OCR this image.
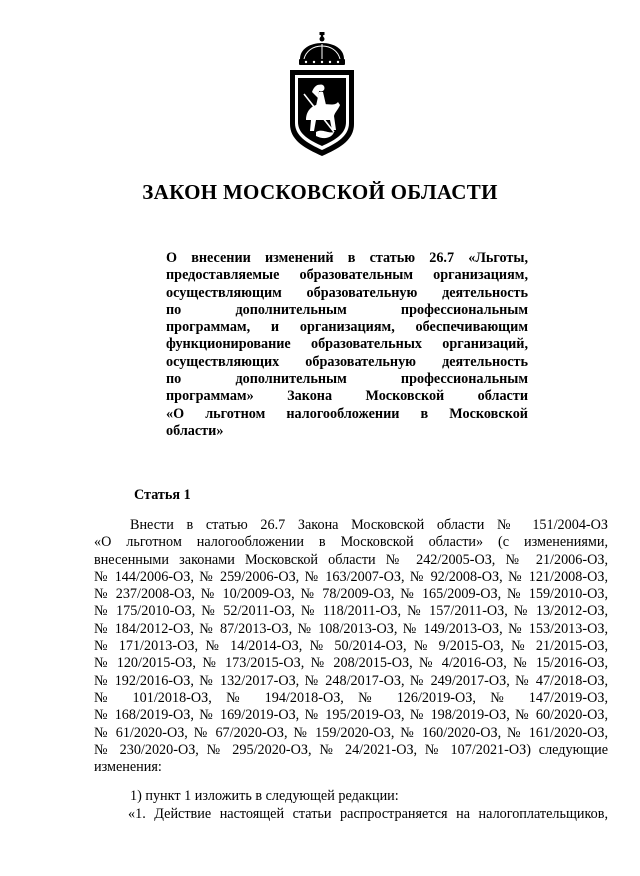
ЗАКОН МОСКОВСКОЙ ОБЛАСТИ
О внесении изменений в статью 26.7 «Льготы,
предоставляемые образовательным организациям,
осуществляющим образовательную деятельность
по дополнительным профессиональным
программам, и организациям, обеспечивающим
функционирование образовательных организаций,
осуществляющих образовательную деятельность
по дополнительным профессиональным
программам» Закона Московской области
«О льготном налогообложении в Московской
области»
Статья 1
Внести в статью 26.7 Закона Московской области № 151/2004-ОЗ
«О льготном налогообложении в Московской области» (с изменениями,
внесенными законами Московской области № 242/2005-ОЗ, № 21/2006-ОЗ,
№ 144/2006-ОЗ, № 259/2006-ОЗ, № 163/2007-ОЗ, № 92/2008-ОЗ, № 121/2008-ОЗ,
№ 237/2008-ОЗ, № 10/2009-ОЗ, № 78/2009-ОЗ, № 165/2009-ОЗ, № 159/2010-ОЗ,
№ 175/2010-ОЗ, № 52/2011-ОЗ, № 118/2011-ОЗ, № 157/2011-ОЗ, № 13/2012-ОЗ,
№ 184/2012-ОЗ, № 87/2013-ОЗ, № 108/2013-ОЗ, № 149/2013-ОЗ, № 153/2013-ОЗ,
№ 171/2013-ОЗ, № 14/2014-ОЗ, № 50/2014-ОЗ, № 9/2015-ОЗ, № 21/2015-ОЗ,
№ 120/2015-ОЗ, № 173/2015-ОЗ, № 208/2015-ОЗ, № 4/2016-ОЗ, № 15/2016-ОЗ,
№ 192/2016-ОЗ, № 132/2017-ОЗ, № 248/2017-ОЗ, № 249/2017-ОЗ, № 47/2018-ОЗ,
№ 101/2018-ОЗ, № 194/2018-ОЗ, № 126/2019-ОЗ, № 147/2019-ОЗ,
№ 168/2019-ОЗ, № 169/2019-ОЗ, № 195/2019-ОЗ, № 198/2019-ОЗ, № 60/2020-ОЗ,
№ 61/2020-ОЗ, № 67/2020-ОЗ, № 159/2020-ОЗ, № 160/2020-ОЗ, № 161/2020-ОЗ,
№ 230/2020-ОЗ, № 295/2020-ОЗ, № 24/2021-ОЗ, № 107/2021-ОЗ) следующие
изменения:
1) пункт 1 изложить в следующей редакции:
«1. Действие настоящей статьи распространяется на налогоплательщиков,
